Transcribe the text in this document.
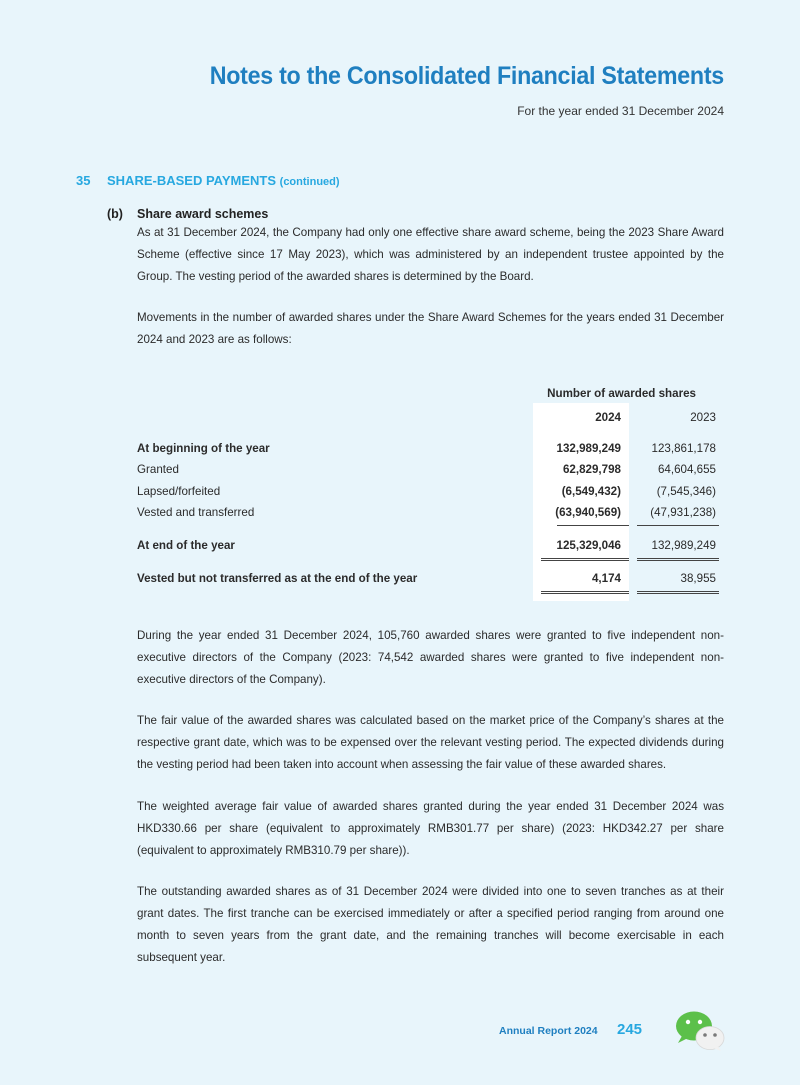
Notes to the Consolidated Financial Statements
For the year ended 31 December 2024
35 SHARE-BASED PAYMENTS (continued)
(b) Share award schemes

As at 31 December 2024, the Company had only one effective share award scheme, being the 2023 Share Award Scheme (effective since 17 May 2023), which was administered by an independent trustee appointed by the Group. The vesting period of the awarded shares is determined by the Board.

Movements in the number of awarded shares under the Share Award Schemes for the years ended 31 December 2024 and 2023 are as follows:

Number of awarded shares
2024	2023
At beginning of the year	132,989,249	123,861,178
Granted	62,829,798	64,604,655
Lapsed/forfeited	(6,549,432)	(7,545,346)
Vested and transferred	(63,940,569)	(47,931,238)
At end of the year	125,329,046	132,989,249
Vested but not transferred as at the end of the year	4,174	38,955

During the year ended 31 December 2024, 105,760 awarded shares were granted to five independent non-executive directors of the Company (2023: 74,542 awarded shares were granted to five independent non-executive directors of the Company).

The fair value of the awarded shares was calculated based on the market price of the Company’s shares at the respective grant date, which was to be expensed over the relevant vesting period. The expected dividends during the vesting period had been taken into account when assessing the fair value of these awarded shares.

The weighted average fair value of awarded shares granted during the year ended 31 December 2024 was HKD330.66 per share (equivalent to approximately RMB301.77 per share) (2023: HKD342.27 per share (equivalent to approximately RMB310.79 per share)).

The outstanding awarded shares as of 31 December 2024 were divided into one to seven tranches as at their grant dates. The first tranche can be exercised immediately or after a specified period ranging from around one month to seven years from the grant date, and the remaining tranches will become exercisable in each subsequent year.

Annual Report 2024 245
